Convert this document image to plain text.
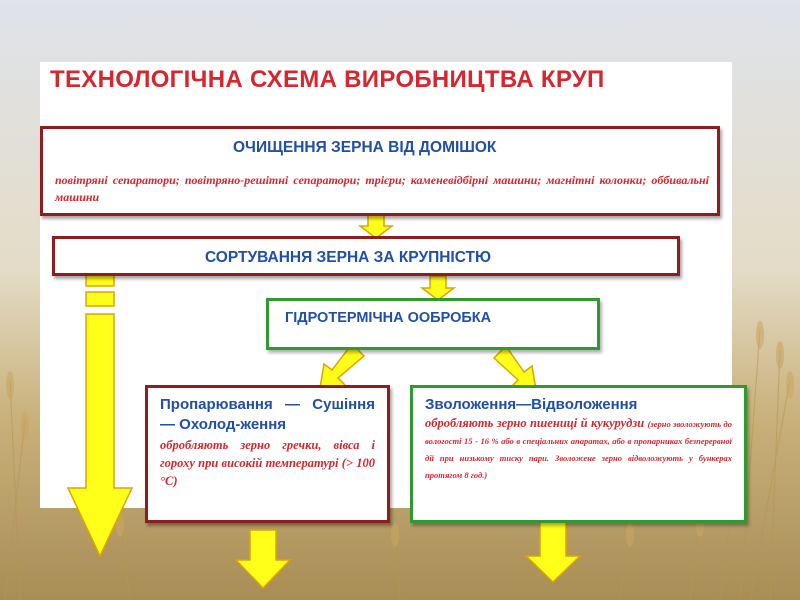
ТЕХНОЛОГІЧНА СХЕМА ВИРОБНИЦТВА КРУП
ОЧИЩЕННЯ ЗЕРНА ВІД ДОМІШОК
повітряні сепаратори; повітряно-решітні сепаратори; трієри; каменевідбірні машини; магнітні колонки; оббивальні машини
СОРТУВАННЯ ЗЕРНА ЗА КРУПНІСТЮ
ГІДРОТЕРМІЧНА ООБРОБКА
Пропарювання — Сушіння — Охолод-ження
обробляють зерно гречки, вівса і гороху при високій температурі (> 100 °С)
Зволоження—Відволоження
обробляють зерно пшениці й кукурудзи (зерно зволожують до вологості 15 - 16 % або в спеціальних апаратах, або в пропарниках безперервної дії при низькому тиску пари. Зволожене зерно відволожують у бункерах протягом 8 год.)
